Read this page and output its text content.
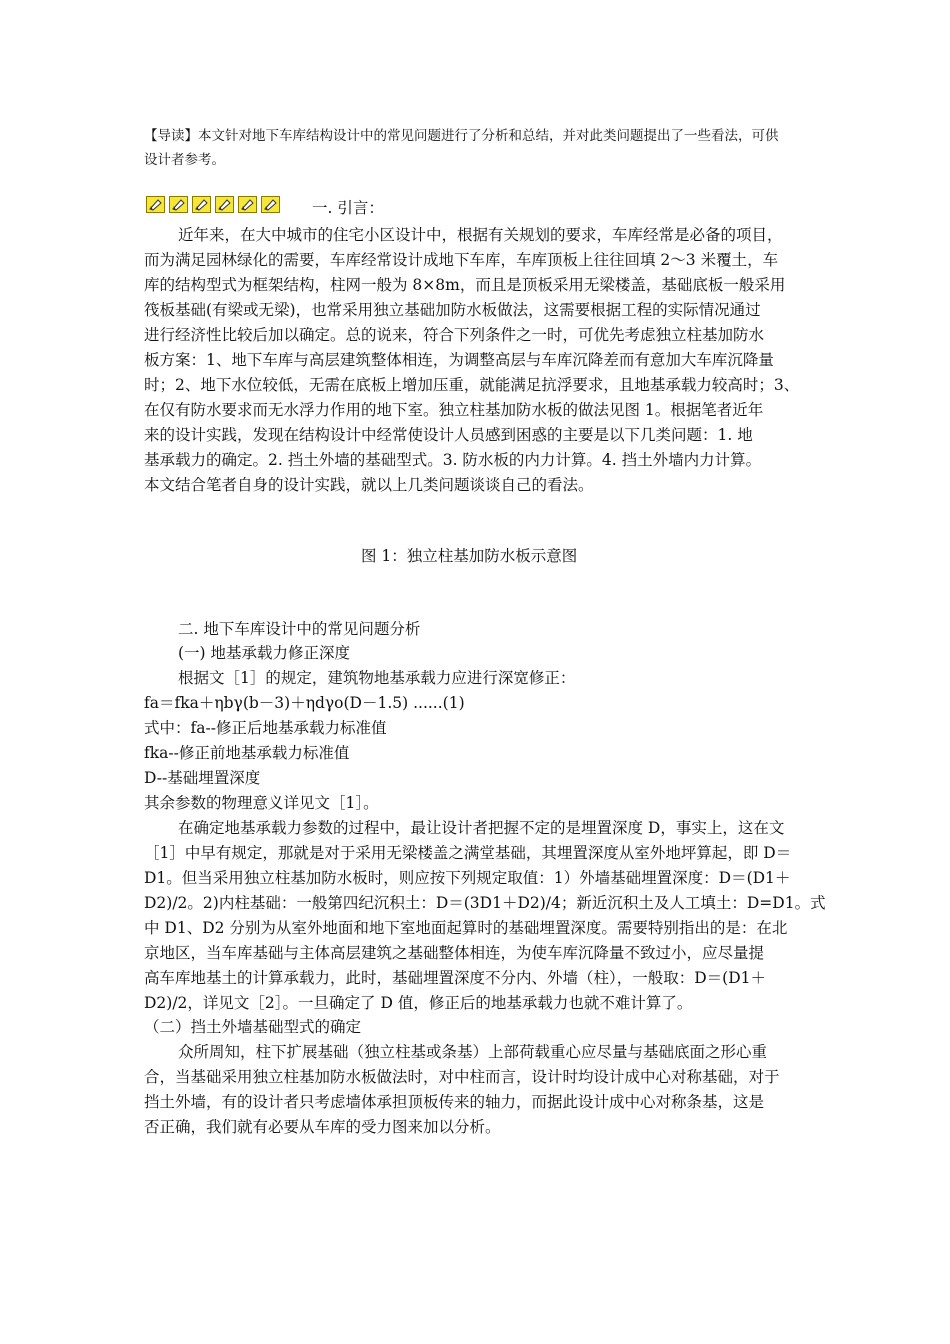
【导读】本文针对地下车库结构设计中的常见问题进行了分析和总结，并对此类问题提出了一些看法，可供
设计者参考。
一. 引言：
近年来，在大中城市的住宅小区设计中，根据有关规划的要求，车库经常是必备的项目，
而为满足园林绿化的需要，车库经常设计成地下车库，车库顶板上往往回填 2～3 米覆土，车
库的结构型式为框架结构，柱网一般为 8×8m，而且是顶板采用无梁楼盖，基础底板一般采用
筏板基础(有梁或无梁)，也常采用独立基础加防水板做法，这需要根据工程的实际情况通过
进行经济性比较后加以确定。总的说来，符合下列条件之一时，可优先考虑独立柱基加防水
板方案：1、地下车库与高层建筑整体相连，为调整高层与车库沉降差而有意加大车库沉降量
时；2、地下水位较低，无需在底板上增加压重，就能满足抗浮要求，且地基承载力较高时；3、
在仅有防水要求而无水浮力作用的地下室。独立柱基加防水板的做法见图 1。根据笔者近年
来的设计实践，发现在结构设计中经常使设计人员感到困惑的主要是以下几类问题：1. 地
基承载力的确定。2. 挡土外墙的基础型式。3. 防水板的内力计算。4. 挡土外墙内力计算。
本文结合笔者自身的设计实践，就以上几类问题谈谈自己的看法。
图 1：独立柱基加防水板示意图
二. 地下车库设计中的常见问题分析
(一) 地基承载力修正深度
根据文［1］的规定，建筑物地基承载力应进行深宽修正：
fa＝fka＋ηbγ(b－3)＋ηdγo(D－1.5) ......(1)
式中：fa--修正后地基承载力标准值
fka--修正前地基承载力标准值
D--基础埋置深度
其余参数的物理意义详见文［1］。
在确定地基承载力参数的过程中，最让设计者把握不定的是埋置深度 D，事实上，这在文
［1］中早有规定，那就是对于采用无梁楼盖之满堂基础，其埋置深度从室外地坪算起，即 D＝
D1。但当采用独立柱基加防水板时，则应按下列规定取值：1）外墙基础埋置深度：D＝(D1＋
D2)/2。2)内柱基础：一般第四纪沉积土：D＝(3D1＋D2)/4；新近沉积土及人工填土：D=D1。式
中 D1、D2 分别为从室外地面和地下室地面起算时的基础埋置深度。需要特别指出的是：在北
京地区，当车库基础与主体高层建筑之基础整体相连，为使车库沉降量不致过小，应尽量提
高车库地基土的计算承载力，此时，基础埋置深度不分内、外墙（柱），一般取：D＝(D1＋
D2)/2，详见文［2］。一旦确定了 D 值，修正后的地基承载力也就不难计算了。
（二）挡土外墙基础型式的确定
众所周知，柱下扩展基础（独立柱基或条基）上部荷载重心应尽量与基础底面之形心重
合，当基础采用独立柱基加防水板做法时，对中柱而言，设计时均设计成中心对称基础，对于
挡土外墙，有的设计者只考虑墙体承担顶板传来的轴力，而据此设计成中心对称条基，这是
否正确，我们就有必要从车库的受力图来加以分析。
